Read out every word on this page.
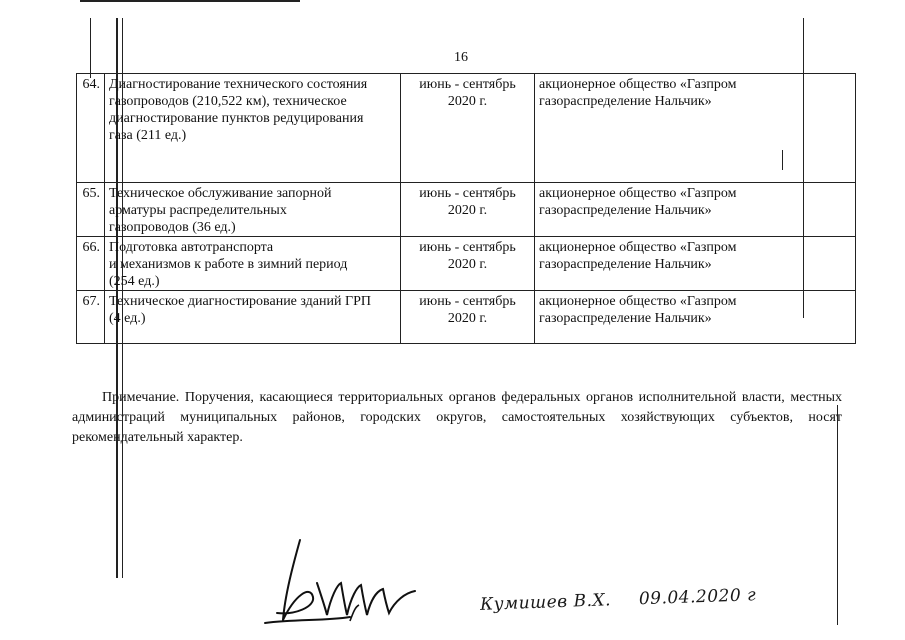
16
64.	Диагностирование технического состояния
газопроводов (210,522 км), техническое
диагностирование пунктов редуцирования
газа (211 ед.)	июнь - сентябрь
2020 г.	акционерное общество «Газпром
газораспределение Нальчик»

65.	Техническое обслуживание запорной
арматуры распределительных
газопроводов (36 ед.)	июнь - сентябрь
2020 г.	акционерное общество «Газпром
газораспределение Нальчик»

66.	Подготовка автотранспорта
и механизмов к работе в зимний период
(254 ед.)	июнь - сентябрь
2020 г.	акционерное общество «Газпром
газораспределение Нальчик»

67.	Техническое диагностирование зданий ГРП
(4 ед.)	июнь - сентябрь
2020 г.	акционерное общество «Газпром
газораспределение Нальчик»
Примечание. Поручения, касающиеся территориальных органов федеральных органов исполнительной власти, местных администраций муниципальных районов, городских округов, самостоятельных хозяйствующих субъектов, носят рекомендательный характер.
Кумишев В.Х. 09.04.2020 г
